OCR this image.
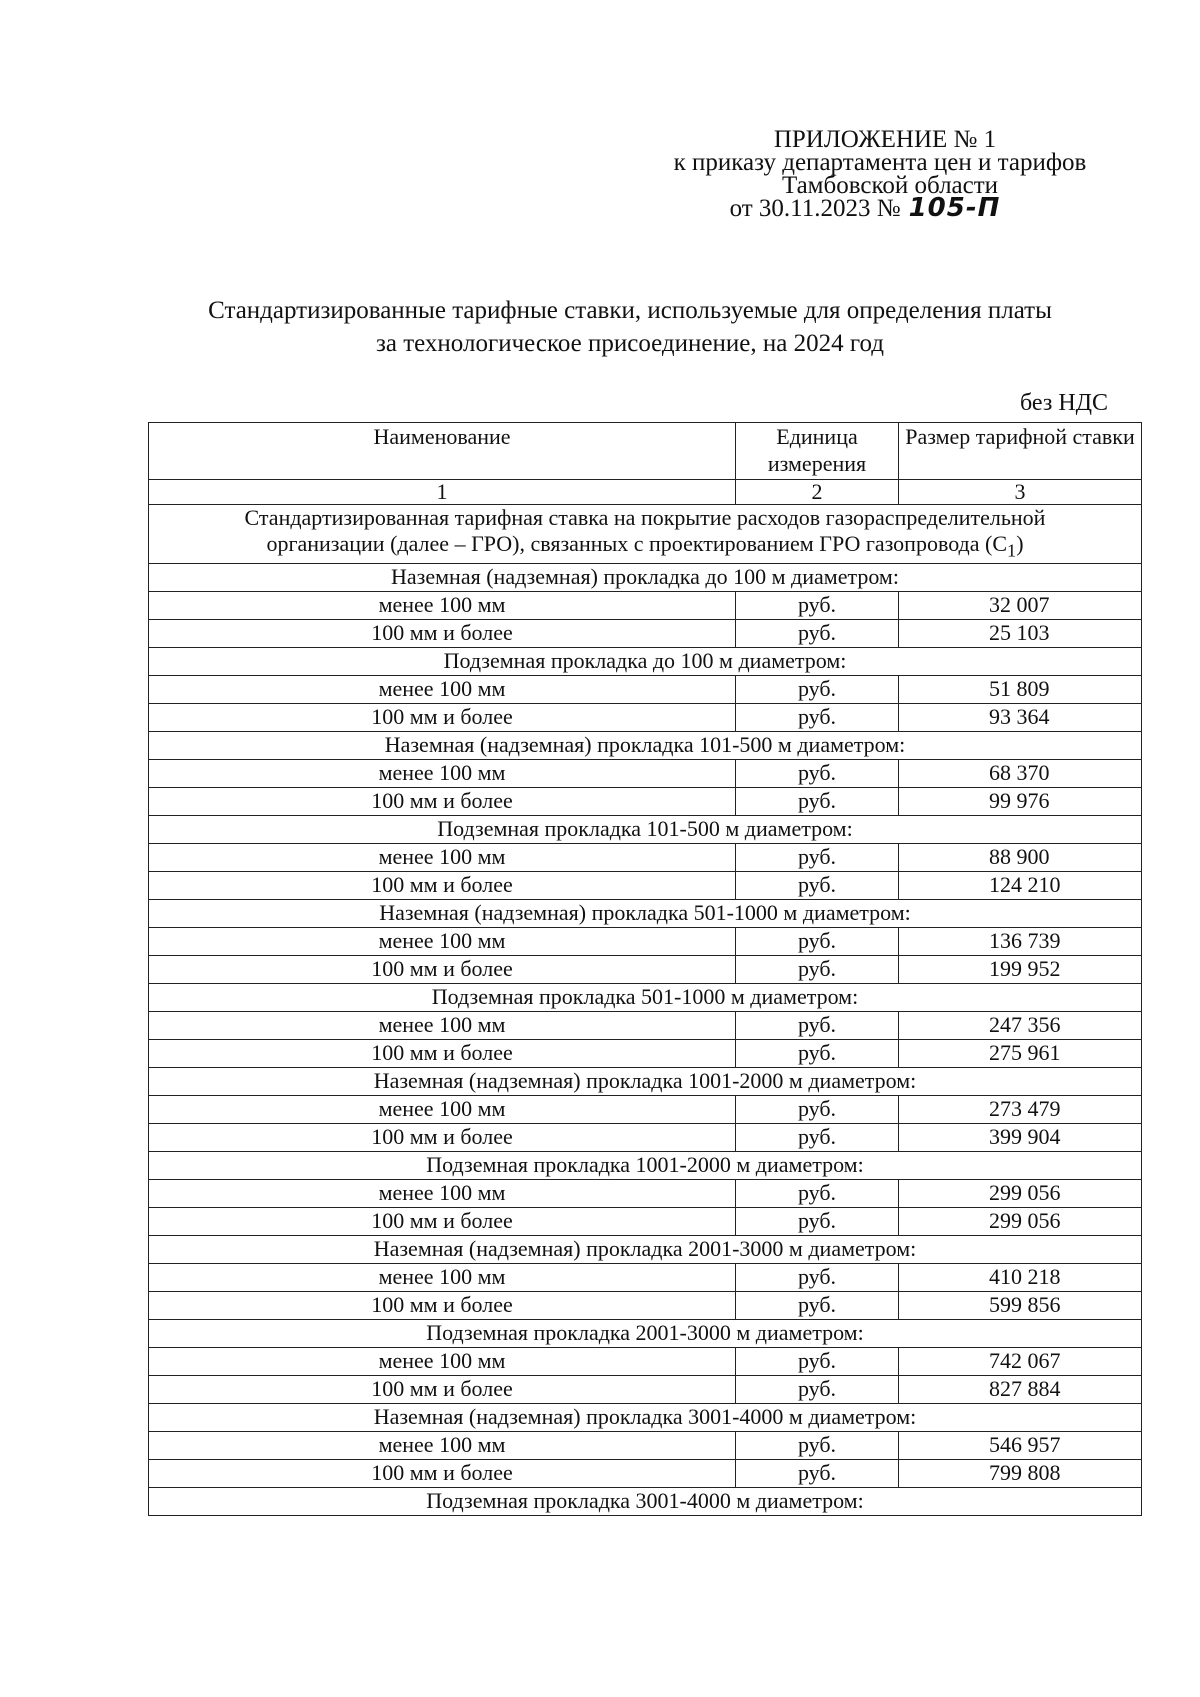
ПРИЛОЖЕНИЕ № 1
к приказу департамента цен и тарифов
Тамбовской области
от 30.11.2023 № 105-П
Стандартизированные тарифные ставки, используемые для определения платы
за технологическое присоединение, на 2024 год
без НДС
Наименование	Единица измерения	Размер тарифной ставки
1	2	3
Стандартизированная тарифная ставка на покрытие расходов газораспределительной
организации (далее – ГРО), связанных с проектированием ГРО газопровода $(С_1)$		
Наземная (надземная) прокладка до 100 м диаметром:		
менее 100 мм	руб.	32 007
100 мм и более	руб.	25 103
Подземная прокладка до 100 м диаметром:		
менее 100 мм	руб.	51 809
100 мм и более	руб.	93 364
Наземная (надземная) прокладка 101-500 м диаметром:		
менее 100 мм	руб.	68 370
100 мм и более	руб.	99 976
Подземная прокладка 101-500 м диаметром:		
менее 100 мм	руб.	88 900
100 мм и более	руб.	124 210
Наземная (надземная) прокладка 501-1000 м диаметром:		
менее 100 мм	руб.	136 739
100 мм и более	руб.	199 952
Подземная прокладка 501-1000 м диаметром:		
менее 100 мм	руб.	247 356
100 мм и более	руб.	275 961
Наземная (надземная) прокладка 1001-2000 м диаметром:		
менее 100 мм	руб.	273 479
100 мм и более	руб.	399 904
Подземная прокладка 1001-2000 м диаметром:		
менее 100 мм	руб.	299 056
100 мм и более	руб.	299 056
Наземная (надземная) прокладка 2001-3000 м диаметром:		
менее 100 мм	руб.	410 218
100 мм и более	руб.	599 856
Подземная прокладка 2001-3000 м диаметром:		
менее 100 мм	руб.	742 067
100 мм и более	руб.	827 884
Наземная (надземная) прокладка 3001-4000 м диаметром:		
менее 100 мм	руб.	546 957
100 мм и более	руб.	799 808
Подземная прокладка 3001-4000 м диаметром:		
